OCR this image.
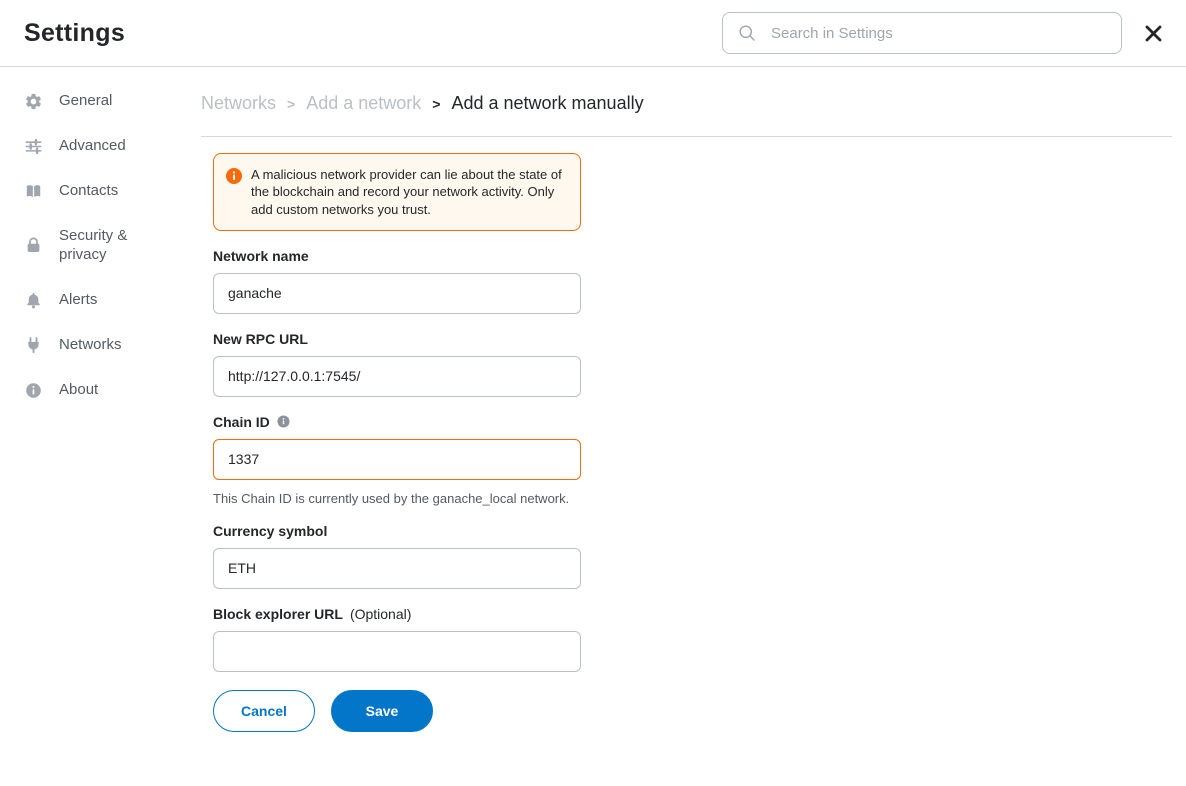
Settings
Search in Settings
General
Advanced
Contacts
Security & privacy
Alerts
Networks
About
Networks > Add a network > Add a network manually
A malicious network provider can lie about the state of the blockchain and record your network activity. Only add custom networks you trust.
Network name
ganache
New RPC URL
http://127.0.0.1:7545/
Chain ID
1337
This Chain ID is currently used by the ganache_local network.
Currency symbol
ETH
Block explorer URL (Optional)
Cancel	Save
